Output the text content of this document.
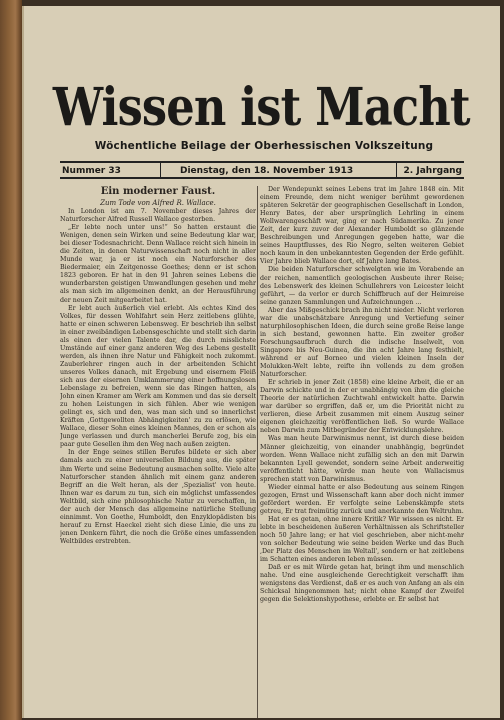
Wissen ist Macht
Wöchentliche Beilage der Oberhessischen Volkszeitung
Nummer 33	Dienstag, den 18. November 1913	2. Jahrgang

Ein moderner Faust.

Zum Tode von Alfred R. Wallace.

In London ist am 7. November dieses Jahres der Naturforscher Alfred Russell Wallace gestorben.

„Er lebte noch unter uns!“ So hatten erstaunt die Wenigen, denen sein Wirken und seine Bedeutung klar war, bei dieser Todesnachricht. Denn Wallace reicht sich hinein in die Zeiten, in denen Naturwissenschaft noch nicht in aller Munde war, ja er ist noch ein Naturforscher des Biedermaier, ein Zeitgenosse Goethes; denn er ist schon 1823 geboren. Er hat in den 91 Jahren seines Lebens die wunderbarsten geistigen Umwandlungen gesehen und mehr als man sich im allgemeinen denkt, an der Herausführung der neuen Zeit mitgearbeitet hat.

Er lebt auch äußerlich viel erlebt. Als echtes Kind des Volkes, für dessen Wohlfahrt sein Herz zeitlebens glühte, hatte er einen schweren Lebensweg. Er beschrieb ihn selbst in einer zweibändigen Lebensgeschichte und stellt sich darin als einen der vielen Talente dar, die durch misslichste Umstände auf einer ganz anderen Weg des Lebens gestellt werden, als ihnen ihre Natur und Fähigkeit noch zukommt. Zauberlehrer ringen auch in der arbeitenden Schicht unseres Volkes danach, mit Ergebung und eisernem Fleiß sich aus der eisernen Umklammerung einer hoffnungslosen Lebenslage zu befreien, wenn sie das Ringen hatten, als John einen Kramer am Werk am Kommen und das sie derselt zu hohen Leistungen in sich fühlen. Aber wie wenigen gelingt es, sich und den, was man sich und so innerlichst Kräften ,Gottgewollten Abhängigkeiten' zu zu erlösen, wie Wallace, dieser Sohn eines kleinen Mannes, den er schon als Junge verlassen und durch mancherlei Berufe zog, bis ein paar gute Gesellen ihm den Weg nach außen zeigten.

In der Enge seines stillen Berufes bildete er sich aber damals auch zu einer universellen Bildung aus, die später ihm Werte und seine Bedeutung ausmachen sollte. Viele alte Naturforscher standen ähnlich mit einem ganz anderen Begriff an die Welt heran, als der ,Spezialist' von heute. Ihnen war es darum zu tun, sich ein möglichst umfassendes Weltbild, sich eine philosophische Natur zu verschaffen, in der auch der Mensch das allgemeine natürliche Stellung einnimmt. Von Goethe, Humboldt, den Enzyklopädisten bis herauf zu Ernst Haeckel zieht sich diese Linie, die uns zu jenen Denkern führt, die noch die Größe eines umfassenden Weltbildes erstrebten.

Der Wendepunkt seines Lebens trat im Jahre 1848 ein. Mit einem Freunde, dem nicht weniger berühmt gewordenen späteren Sekretär der geographischen Gesellschaft in London, Henry Bates, der aber ursprünglich Lehrling in einem Wollwarengeschäft war, ging er nach Südamerika. Zu jener Zeit, der kurz zuvor der Alexander Humboldt so glänzende Beschreibungen und Anregungen gegeben hatte, war die seines Hauptflusses, des Rio Negro, selten weiteren Gebiet noch kaum in den unbekanntesten Gegenden der Erde gefühlt. Vier Jahre blieb Wallace dort, elf Jahre lang Bates.

Die beiden Naturforscher schwelgten wie im Vorabende an der reichen, namentlich geologischen Ausbeute ihrer Reise; des Lebenswerk des kleinen Schullehrers von Leicester leicht geführt, — da verlor er durch Schiffbruch auf der Heimreise seine ganzen Sammlungen und Aufzeichnungen ...

Aber das Mißgeschick brach ihn nicht nieder. Nicht verloren war die unabschätzbare Anregung und Vertiefung seiner naturphilosophischen Ideen, die durch seine große Reise lange in sich bestand, gewonnen hatte. Ein zweiter großer Forschungsaufbruch durch die indische Inselwelt, von Singapore bis Neu-Guinea, die ihn acht Jahre lang festhielt, während er auf Borneo und vielen kleinen Inseln der Molukken-Welt lebte, reifte ihn vollends zu dem großen Naturforscher.

Er schrieb in jener Zeit (1858) eine kleine Arbeit, die er an Darwin schickte und in der er unabhängig von ihm die gleiche Theorie der natürlichen Zuchtwahl entwickelt hatte. Darwin war darüber so ergriffen, daß er, um die Priorität nicht zu verlieren, diese Arbeit zusammen mit einem Auszug seiner eigenen gleichzeitig veröffentlichen ließ. So wurde Wallace neben Darwin zum Mitbegründer der Entwicklungslehre.

Was man heute Darwinismus nennt, ist durch diese beiden Männer gleichzeitig, von einander unabhängig, begründet worden. Wenn Wallace nicht zufällig sich an den mit Darwin bekannten Lyell gewendet, sondern seine Arbeit anderweitig veröffentlicht hätte, würde man heute von Wallacismus sprechen statt von Darwinismus.

Wieder einmal hatte er also Bedeutung aus seinem Ringen gezogen, Ernst und Wissenschaft kann aber doch nicht immer gefördert werden. Er verfolgte seine Lebenskämpfe stets getreu, Er trat freimütig zurück und anerkannte den Weltruhm.

Hat er es getan, ohne innere Kritik? Wir wissen es nicht. Er lebte in bescheidenen äußeren Verhältnissen als Schriftsteller noch 50 Jahre lang; er hat viel geschrieben, aber nicht-mehr von solcher Bedeutung wie seine beiden Werke und das Buch ,Der Platz des Menschen im Weltall', sondern er hat zeitlebens im Schatten eines anderen leben müssen.

Daß er es mit Würde getan hat, bringt ihm und menschlich nahe. Und eine ausgleichende Gerechtigkeit verschafft ihm wenigstens das Verdienst, daß er es auch von Anfang an als ein Schicksal hingenommen hat; nicht ohne Kampf der Zweifel gegen die Selektionshypothese, erlebte er. Er selbst hat
